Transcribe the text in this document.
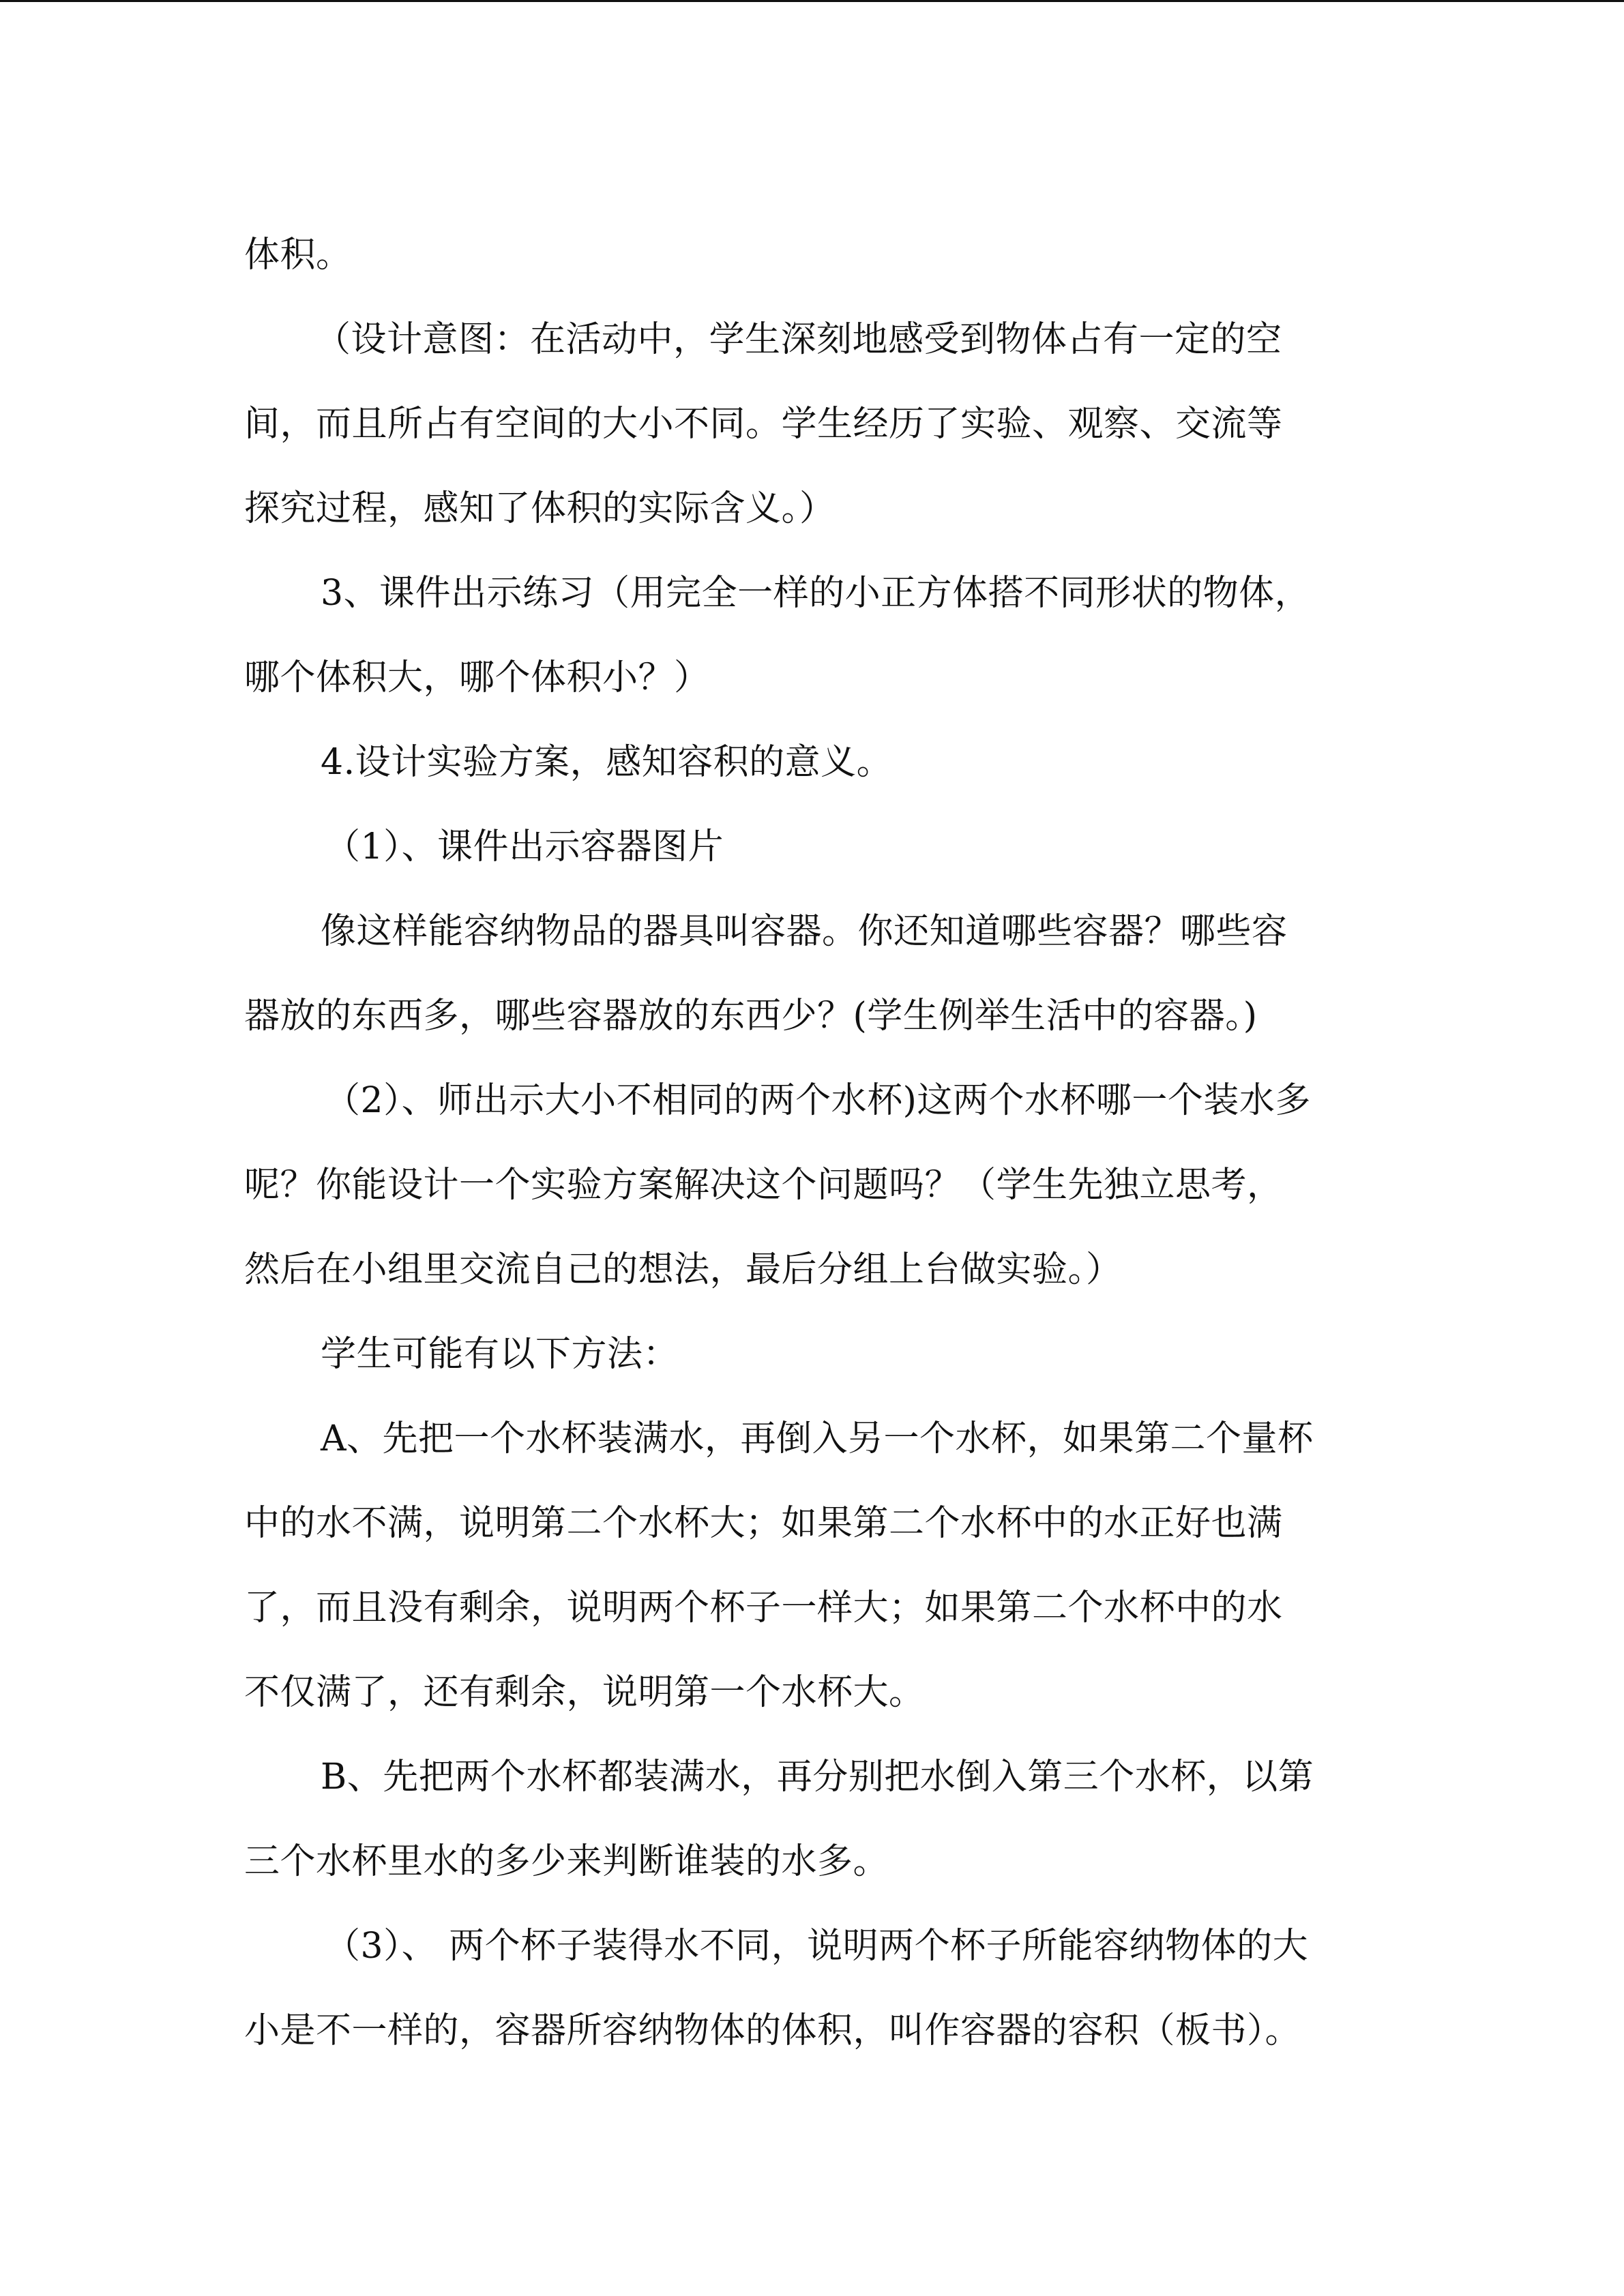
体积。
（设计意图：在活动中，学生深刻地感受到物体占有一定的空
间，而且所占有空间的大小不同。学生经历了实验、观察、交流等
探究过程，感知了体积的实际含义。）
3、课件出示练习（用完全一样的小正方体搭不同形状的物体，
哪个体积大，哪个体积小？）
4.设计实验方案，感知容积的意义。
（1）、课件出示容器图片
像这样能容纳物品的器具叫容器。你还知道哪些容器？哪些容
器放的东西多，哪些容器放的东西少？(学生例举生活中的容器。)
（2）、师出示大小不相同的两个水杯)这两个水杯哪一个装水多
呢？你能设计一个实验方案解决这个问题吗？（学生先独立思考，
然后在小组里交流自己的想法，最后分组上台做实验。）
学生可能有以下方法：
A、先把一个水杯装满水，再倒入另一个水杯，如果第二个量杯
中的水不满，说明第二个水杯大；如果第二个水杯中的水正好也满
了，而且没有剩余，说明两个杯子一样大；如果第二个水杯中的水
不仅满了，还有剩余，说明第一个水杯大。
B、先把两个水杯都装满水，再分别把水倒入第三个水杯，以第
三个水杯里水的多少来判断谁装的水多。
（3）、 两个杯子装得水不同，说明两个杯子所能容纳物体的大
小是不一样的，容器所容纳物体的体积，叫作容器的容积（板书）。
